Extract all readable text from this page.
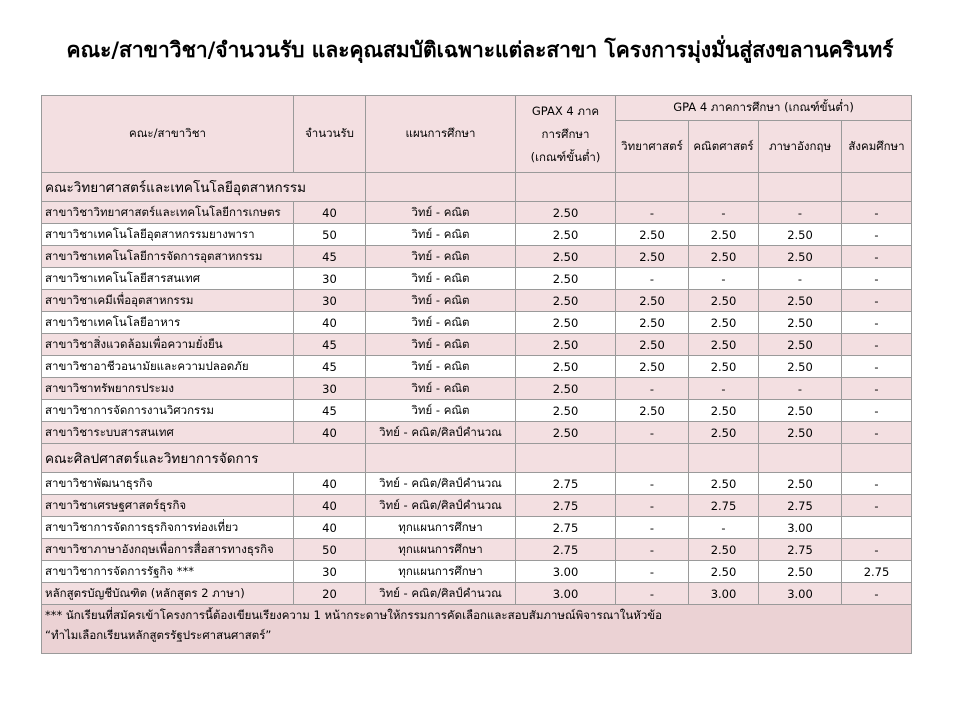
คณะ/สาขาวิชา/จำนวนรับ และคุณสมบัติเฉพาะแต่ละสาขา โครงการมุ่งมั่นสู่สงขลานครินทร์
คณะ/สาขาวิชา	จำนวนรับ	แผนการศึกษา	GPAX 4 ภาค
การศึกษา
(เกณฑ์ขั้นต่ำ)	GPA 4 ภาคการศึกษา (เกณฑ์ขั้นต่ำ)			
				วิทยาศาสตร์	คณิตศาสตร์	ภาษาอังกฤษ	สังคมศึกษา
คณะวิทยาศาสตร์และเทคโนโลยีอุตสาหกรรม							
สาขาวิชาวิทยาศาสตร์และเทคโนโลยีการเกษตร	40	วิทย์ - คณิต	2.50	-	-	-	-
สาขาวิชาเทคโนโลยีอุตสาหกรรมยางพารา	50	วิทย์ - คณิต	2.50	2.50	2.50	2.50	-
สาขาวิชาเทคโนโลยีการจัดการอุตสาหกรรม	45	วิทย์ - คณิต	2.50	2.50	2.50	2.50	-
สาขาวิชาเทคโนโลยีสารสนเทศ	30	วิทย์ - คณิต	2.50	-	-	-	-
สาขาวิชาเคมีเพื่ออุตสาหกรรม	30	วิทย์ - คณิต	2.50	2.50	2.50	2.50	-
สาขาวิชาเทคโนโลยีอาหาร	40	วิทย์ - คณิต	2.50	2.50	2.50	2.50	-
สาขาวิชาสิ่งแวดล้อมเพื่อความยั่งยืน	45	วิทย์ - คณิต	2.50	2.50	2.50	2.50	-
สาขาวิชาอาชีวอนามัยและความปลอดภัย	45	วิทย์ - คณิต	2.50	2.50	2.50	2.50	-
สาขาวิชาทรัพยากรประมง	30	วิทย์ - คณิต	2.50	-	-	-	-
สาขาวิชาการจัดการงานวิศวกรรม	45	วิทย์ - คณิต	2.50	2.50	2.50	2.50	-
สาขาวิชาระบบสารสนเทศ	40	วิทย์ - คณิต/ศิลป์คำนวณ	2.50	-	2.50	2.50	-
คณะศิลปศาสตร์และวิทยาการจัดการ							
สาขาวิชาพัฒนาธุรกิจ	40	วิทย์ - คณิต/ศิลป์คำนวณ	2.75	-	2.50	2.50	-
สาขาวิชาเศรษฐศาสตร์ธุรกิจ	40	วิทย์ - คณิต/ศิลป์คำนวณ	2.75	-	2.75	2.75	-
สาขาวิชาการจัดการธุรกิจการท่องเที่ยว	40	ทุกแผนการศึกษา	2.75	-	-	3.00	
สาขาวิชาภาษาอังกฤษเพื่อการสื่อสารทางธุรกิจ	50	ทุกแผนการศึกษา	2.75	-	2.50	2.75	-
สาขาวิชาการจัดการรัฐกิจ ***	30	ทุกแผนการศึกษา	3.00	-	2.50	2.50	2.75
หลักสูตรบัญชีบัณฑิต (หลักสูตร 2 ภาษา)	20	วิทย์ - คณิต/ศิลป์คำนวณ	3.00	-	3.00	3.00	-

*** นักเรียนที่สมัครเข้าโครงการนี้ต้องเขียนเรียงความ 1 หน้ากระดาษให้กรรมการคัดเลือกและสอบสัมภาษณ์พิจารณาในหัวข้อ
“ทำไมเลือกเรียนหลักสูตรรัฐประศาสนศาสตร์”							
